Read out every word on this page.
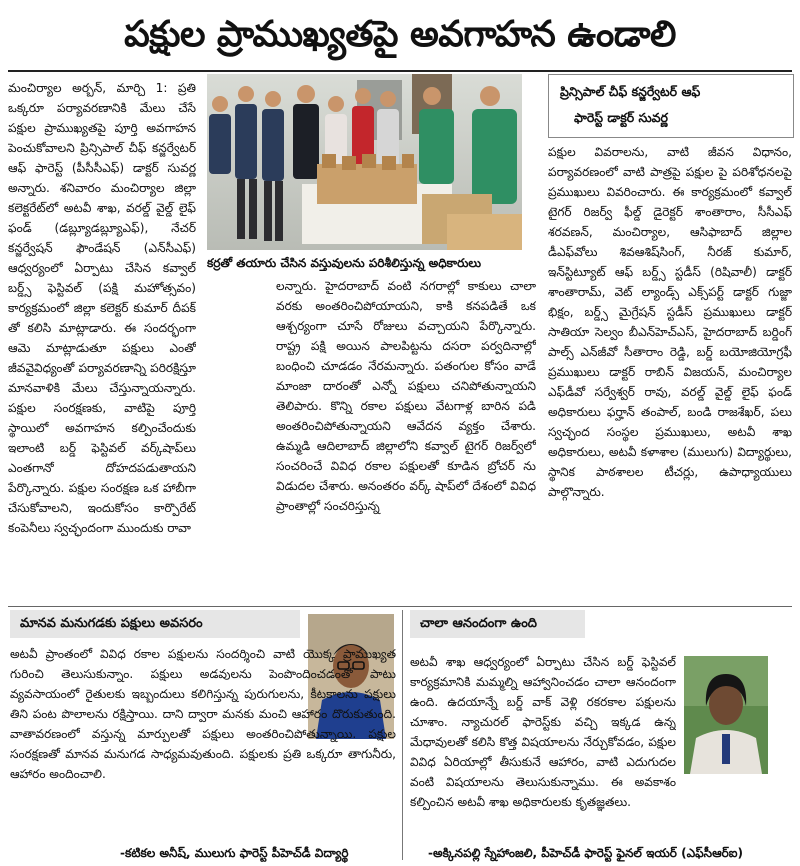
పక్షుల ప్రాముఖ్యతపై అవగాహన ఉండాలి

మంచిర్యాల అర్బన్, మార్చి 1: ప్రతి ఒక్కరూ పర్యావరణానికి మేలు చేసే పక్షుల ప్రాముఖ్యతపై పూర్తి అవగాహన పెంచుకోవాలని ప్రిన్సిపాల్ చీఫ్ కన్జర్వేటర్ ఆఫ్ ఫారెస్ట్ (పీసీసీఎఫ్) డాక్టర్ సువర్ణ అన్నారు. శనివారం మంచిర్యాల జిల్లా కలెక్టరేట్‌లో అటవీ శాఖ, వరల్డ్ వైల్డ్ లైఫ్ ఫండ్ (డబ్ల్యూడబ్ల్యూఎఫ్), నేచర్ కన్జర్వేషన్ ఫౌండేషన్ (ఎన్‌సీఎఫ్) ఆధ్వర్యంలో ఏర్పాటు చేసిన కవ్వాల్ బర్డ్స్ ఫెస్టివల్ (పక్షి మహోత్సవం) కార్యక్రమంలో జిల్లా కలెక్టర్ కుమార్ దీపక్ తో కలిసి మాట్లాడారు. ఈ సందర్భంగా ఆమె మాట్లాడుతూ పక్షులు ఎంతో జీవవైవిధ్యంతో పర్యావరణాన్ని పరిరక్షిస్తూ మానవాళికి మేలు చేస్తున్నాయన్నారు. పక్షుల సంరక్షణకు, వాటిపై పూర్తి స్థాయిలో అవగాహన కల్పించేందుకు ఇలాంటి బర్డ్ ఫెస్టివల్ వర్క్‌షాప్‌లు ఎంతగానో దోహదపడుతాయని పేర్కొన్నారు. పక్షుల సంరక్షణ ఒక హాబీగా చేసుకోవాలని, ఇందుకోసం కార్పొరేట్ కంపెనీలు స్వచ్ఛందంగా ముందుకు రావా

కర్రతో తయారు చేసిన వస్తువులను పరిశీలిస్తున్న అధికారులు

లన్నారు. హైదరాబాద్ వంటి నగరాల్లో కాకులు చాలా వరకు అంతరించిపోయాయని, కాకి కనపడితే ఒక ఆశ్చర్యంగా చూసే రోజులు వచ్చాయని పేర్కొన్నారు. రాష్ట్ర పక్షి అయిన పాలపిట్టను దసరా పర్వదినాల్లో బంధించి చూడడం నేరమన్నారు. పతంగుల కోసం వాడే మాంజా దారంతో ఎన్నో పక్షులు చనిపోతున్నాయని తెలిపారు. కొన్ని రకాల పక్షులు వేటగాళ్ల బారిన పడి అంతరించిపోతున్నాయని ఆవేదన వ్యక్తం చేశారు. ఉమ్మడి ఆదిలాబాద్ జిల్లాలోని కవ్వాల్ టైగర్ రిజర్వ్‌లో సంచరించే వివిధ రకాల పక్షులతో కూడిన బ్రోచర్ ను విడుదల చేశారు. అనంతరం వర్క్ షాప్‌లో దేశంలో వివిధ ప్రాంతాల్లో సంచరిస్తున్న

ప్రిన్సిపాల్ చీఫ్ కన్జర్వేటర్ ఆఫ్
ఫారెస్ట్ డాక్టర్ సువర్ణ

పక్షుల వివరాలను, వాటి జీవన విధానం, పర్యావరణంలో వాటి పాత్రపై పక్షుల పై పరిశోధనలపై ప్రముఖులు వివరించారు. ఈ కార్యక్రమంలో కవ్వాల్ టైగర్ రిజర్వ్ ఫీల్డ్ డైరెక్టర్ శాంతారాం, సీసీఎఫ్ శరవణన్, మంచిర్యాల, ఆసిఫాబాద్ జిల్లాల డీఎఫ్‌వోలు శివఆశిష్‌సింగ్, నీరజ్ కుమార్, ఇన్‌స్టిట్యూట్ ఆఫ్ బర్డ్స్ స్టడీస్ (రిషివాలీ) డాక్టర్ శాంతారామ్, వెట్ ల్యాండ్స్ ఎక్స్‌పర్ట్ డాక్టర్ గుజ్జా భిక్షం, బర్డ్స్ మైగ్రేషన్ స్టడీస్ ప్రముఖులు డాక్టర్ సాతియా సెల్వం బీఎన్‌హెచ్‌ఎస్, హైదరాబాద్ బర్డింగ్ పాల్స్ ఎన్‌జీవో సీతారాం రెడ్డి, బర్డ్ బయోజియోగ్రఫీ ప్రముఖులు డాక్టర్ రాబిన్ విజయన్, మంచిర్యాల ఎఫ్‌డీవో సర్వేశ్వర్ రావు, వరల్డ్ వైల్డ్ లైఫ్ ఫండ్ అధికారులు ఫర్హాన్ తంపాల్, బండి రాజశేఖర్, పలు స్వచ్ఛంద సంస్థల ప్రముఖులు, అటవీ శాఖ అధికారులు, అటవీ కళాశాల (ములుగు) విద్యార్థులు, స్థానిక పాఠశాలల టీచర్లు, ఉపాధ్యాయులు పాల్గొన్నారు.

మానవ మనుగడకు పక్షులు అవసరం

అటవీ ప్రాంతంలో వివిధ రకాల పక్షులను సందర్శించి వాటి యొక్క ప్రాముఖ్యత గురించి తెలుసుకున్నాం. పక్షులు అడవులను పెంపొందించడంతో పాటు వ్యవసాయంలో రైతులకు ఇబ్బందులు కలిగిస్తున్న పురుగులను, కీటకాలను పక్షులు తిని పంట పొలాలను రక్షిస్తాయి. దాని ద్వారా మనకు మంచి ఆహారం దొరుకుతుంది. వాతావరణంలో వస్తున్న మార్పులతో పక్షులు అంతరించిపోతున్నాయి. పక్షుల సంరక్షణతో మానవ మనుగడ సాధ్యమవుతుంది. పక్షులకు ప్రతి ఒక్కరూ తాగునీరు, ఆహారం అందించాలి.

-కటికల అనీష్, ములుగు ఫారెస్ట్ పీహెచ్‌డీ విద్యార్థి
చాలా ఆనందంగా ఉంది

అటవీ శాఖ ఆధ్వర్యంలో ఏర్పాటు చేసిన బర్డ్ ఫెస్టివల్ కార్యక్రమానికి మమ్మల్ని ఆహ్వానించడం చాలా ఆనందంగా ఉంది. ఉదయాన్నే బర్డ్ వాక్ వెళ్లి రకరకాల పక్షులను చూశాం. న్యాచురల్ ఫారెస్ట్‌కు వచ్చి ఇక్కడ ఉన్న మేధావులతో కలిసి కొత్త విషయాలను నేర్చుకోవడం, పక్షుల వివిధ ఏరియాల్లో తీసుకునే ఆహారం, వాటి ఎదుగుదల వంటి విషయాలను తెలుసుకున్నాము. ఈ అవకాశం కల్పించిన అటవీ శాఖ అధికారులకు కృతజ్ఞతలు.

-అక్కినపల్లి స్నేహాంజలి, పీహెచ్‌డీ ఫారెస్ట్ ఫైనల్ ఇయర్ (ఎఫ్‌సీఆర్ఐ)
